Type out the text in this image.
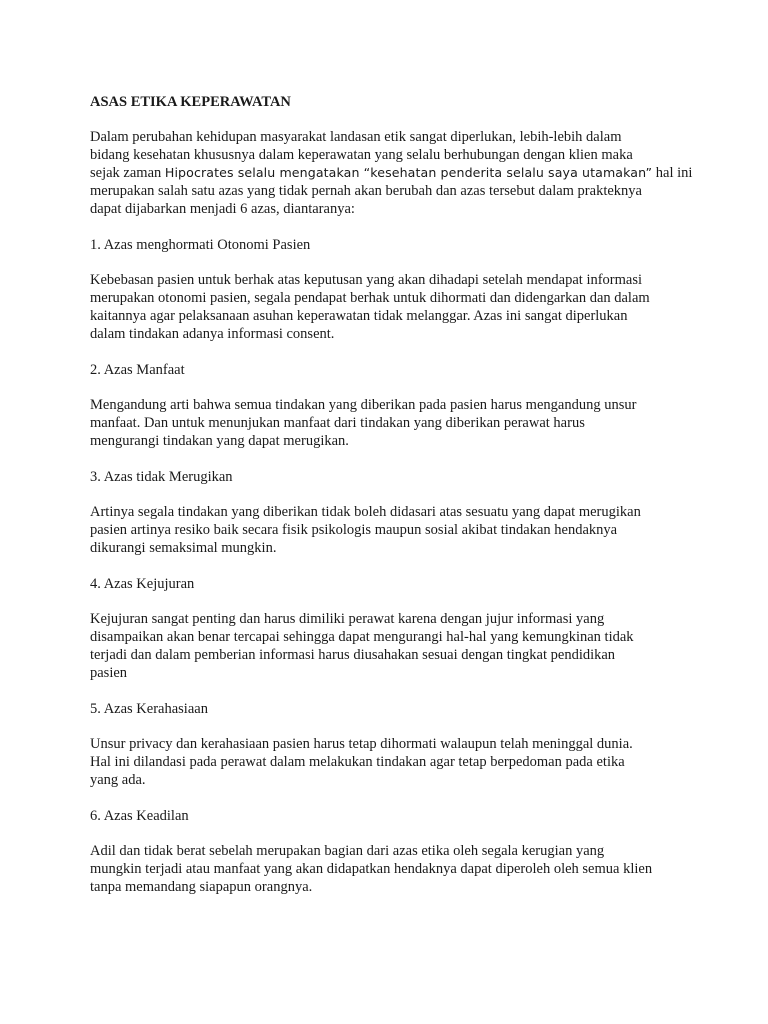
ASAS ETIKA KEPERAWATAN
Dalam perubahan kehidupan masyarakat landasan etik sangat diperlukan, lebih-lebih dalam
bidang kesehatan khususnya dalam keperawatan yang selalu berhubungan dengan klien maka
sejak zaman Hipocrates selalu mengatakan “kesehatan penderita selalu saya utamakan” hal ini
merupakan salah satu azas yang tidak pernah akan berubah dan azas tersebut dalam prakteknya
dapat dijabarkan menjadi 6 azas, diantaranya:
1. Azas menghormati Otonomi Pasien
Kebebasan pasien untuk berhak atas keputusan yang akan dihadapi setelah mendapat informasi
merupakan otonomi pasien, segala pendapat berhak untuk dihormati dan didengarkan dan dalam
kaitannya agar pelaksanaan asuhan keperawatan tidak melanggar. Azas ini sangat diperlukan
dalam tindakan adanya informasi consent.
2. Azas Manfaat
Mengandung arti bahwa semua tindakan yang diberikan pada pasien harus mengandung unsur
manfaat. Dan untuk menunjukan manfaat dari tindakan yang diberikan perawat harus
mengurangi tindakan yang dapat merugikan.
3. Azas tidak Merugikan
Artinya segala tindakan yang diberikan tidak boleh didasari atas sesuatu yang dapat merugikan
pasien artinya resiko baik secara fisik psikologis maupun sosial akibat tindakan hendaknya
dikurangi semaksimal mungkin.
4. Azas Kejujuran
Kejujuran sangat penting dan harus dimiliki perawat karena dengan jujur informasi yang
disampaikan akan benar tercapai sehingga dapat mengurangi hal-hal yang kemungkinan tidak
terjadi dan dalam pemberian informasi harus diusahakan sesuai dengan tingkat pendidikan
pasien
5. Azas Kerahasiaan
Unsur privacy dan kerahasiaan pasien harus tetap dihormati walaupun telah meninggal dunia.
Hal ini dilandasi pada perawat dalam melakukan tindakan agar tetap berpedoman pada etika
yang ada.
6. Azas Keadilan
Adil dan tidak berat sebelah merupakan bagian dari azas etika oleh segala kerugian yang
mungkin terjadi atau manfaat yang akan didapatkan hendaknya dapat diperoleh oleh semua klien
tanpa memandang siapapun orangnya.
